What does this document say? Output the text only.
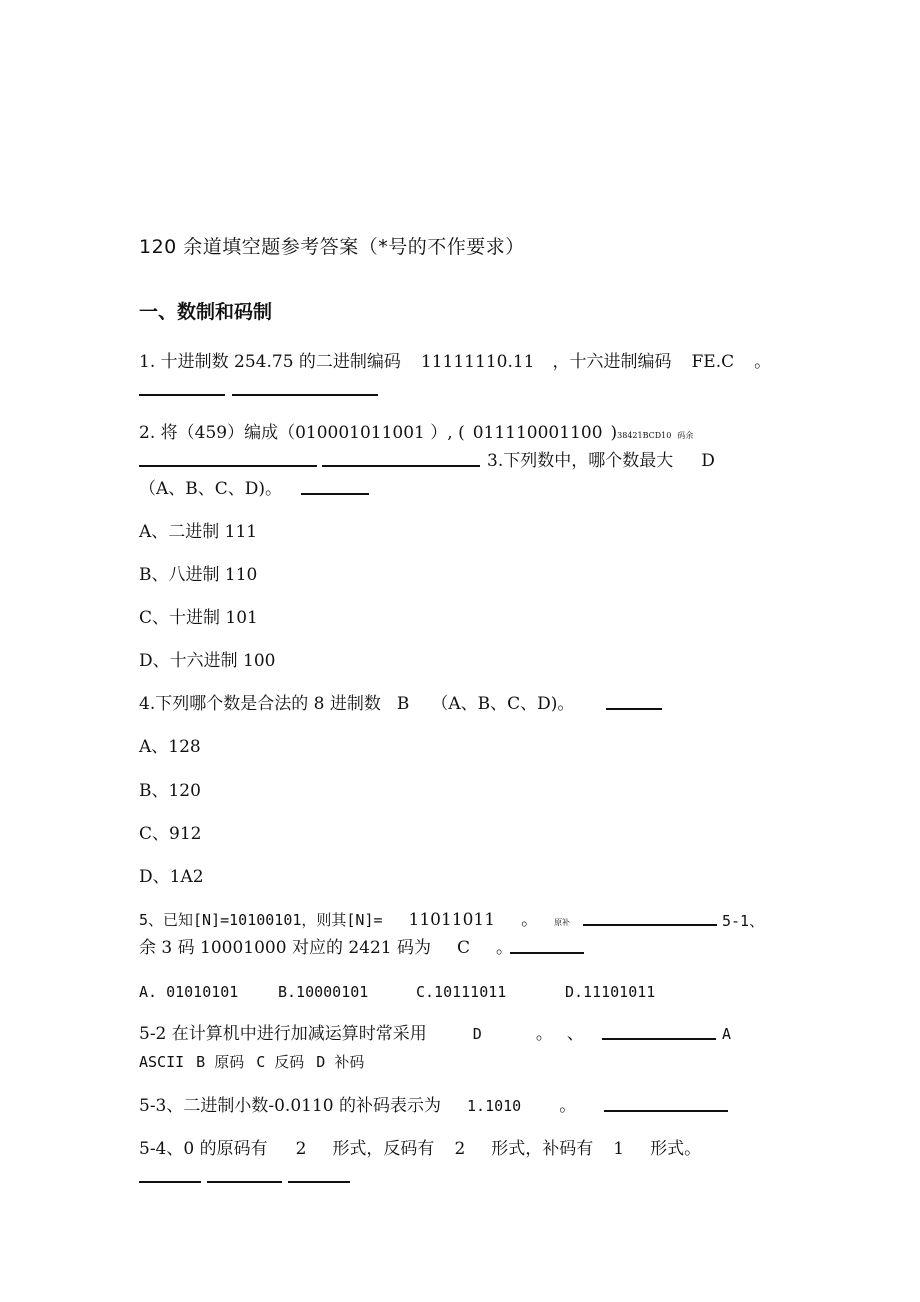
120 余道填空题参考答案（*号的不作要求）
一、数制和码制
1. 十进制数 254.75 的二进制编码 11111110.11 ，十六进制编码 FE.C 。
2. 将（459）编成（010001011001 ）, ( 011110001100 )38421BCD10 码余
3.下列数中，哪个数最大 D
（A、B、C、D)。
A、二进制 111
B、八进制 110
C、十进制 101
D、十六进制 100
4.下列哪个数是合法的 8 进制数 B （A、B、C、D)。
A、128
B、120
C、912
D、1A2
5、已知[N]=10100101，则其[N]= 11011011 。 原补	5-1、
余 3 码 10001000 对应的 2421 码为 C 。
A. 01010101	B.10000101	C.10111011	D.11101011
5-2 在计算机中进行加减运算时常采用	D	。 、	A
ASCII B 原码 C 反码 D 补码
5-3、二进制小数-0.0110 的补码表示为 1.1010 。
5-4、0 的原码有 2 形式，反码有 2 形式，补码有 1 形式。
